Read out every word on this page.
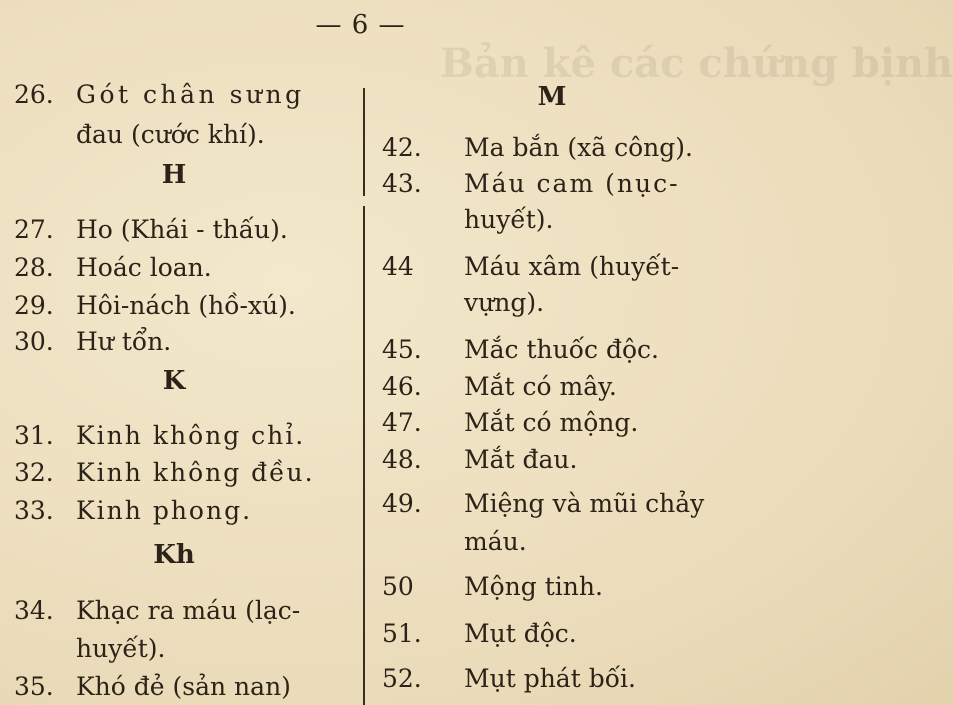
— 6 —
Bản kê các chứng bịnh
26. Gót chân sưng
đau (cước khí).
H
27. Ho (Khái - thấu).
28. Hoác loan.
29. Hôi-nách (hồ-xú).
30. Hư tổn.
K
31. Kinh không chỉ.
32. Kinh không đều.
33. Kinh phong.
Kh
34. Khạc ra máu (lạc-
huyết).
35. Khó đẻ (sản nan)
M
42. Ma bắn (xã công).
43. Máu cam (nục-
huyết).
44 Máu xâm (huyết-
vựng).
45. Mắc thuốc độc.
46. Mắt có mây.
47. Mắt có mộng.
48. Mắt đau.
49. Miệng và mũi chảy
máu.
50 Mộng tinh.
51. Mụt độc.
52. Mụt phát bối.
